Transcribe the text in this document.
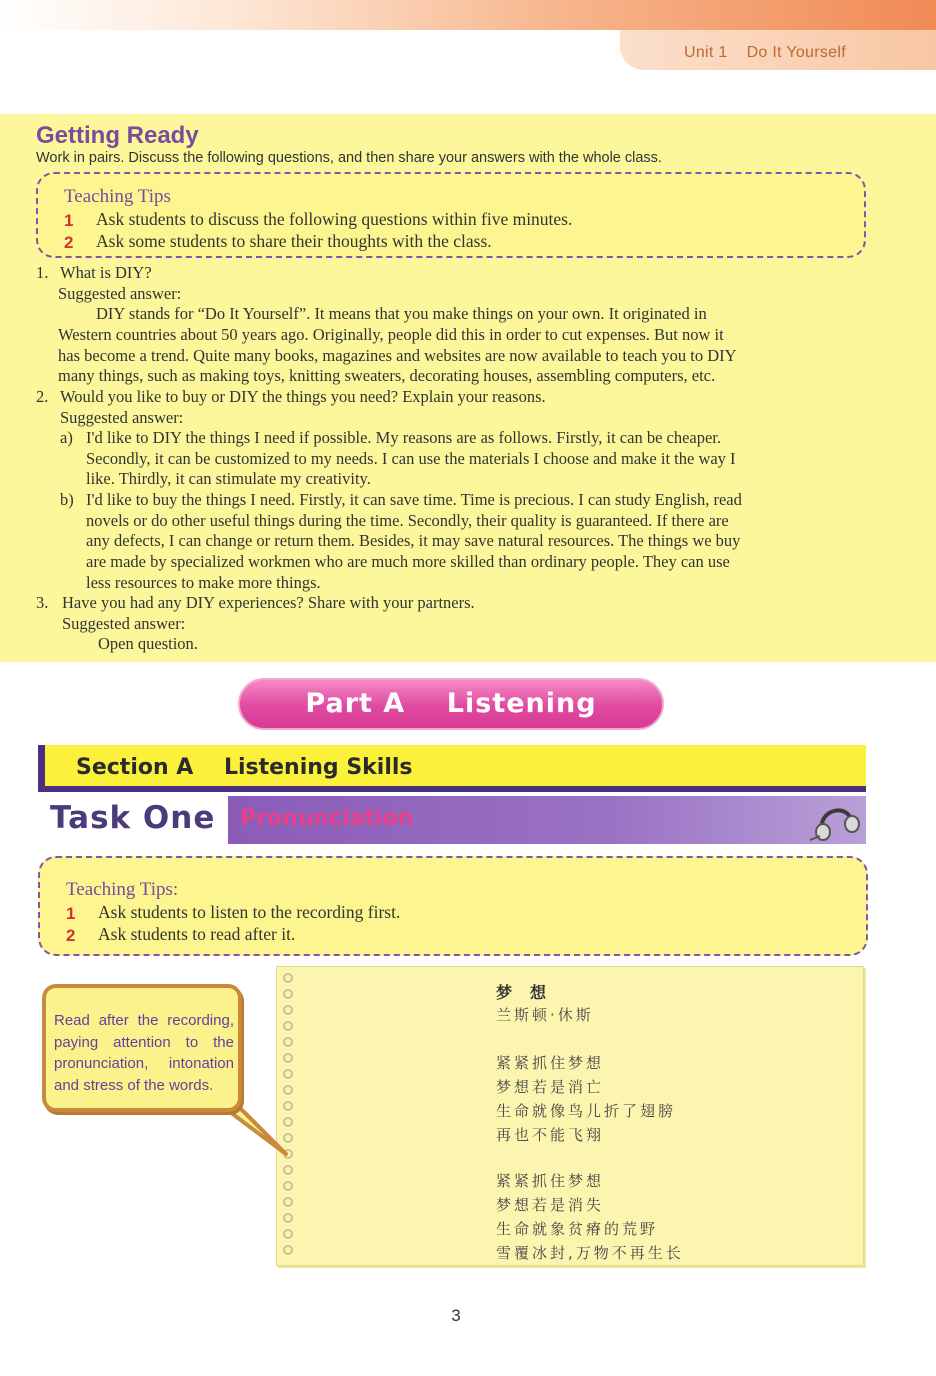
Unit 1    Do It Yourself
Getting Ready
Work in pairs. Discuss the following questions, and then share your answers with the whole class.
Teaching Tips
1 Ask students to discuss the following questions within five minutes.
2 Ask some students to share their thoughts with the class.
1. What is DIY?
Suggested answer:
DIY stands for “Do It Yourself”. It means that you make things on your own. It originated in
Western countries about 50 years ago. Originally, people did this in order to cut expenses. But now it
has become a trend. Quite many books, magazines and websites are now available to teach you to DIY
many things, such as making toys, knitting sweaters, decorating houses, assembling computers, etc.
2. Would you like to buy or DIY the things you need? Explain your reasons.
Suggested answer:
a) I'd like to DIY the things I need if possible. My reasons are as follows. Firstly, it can be cheaper.
Secondly, it can be customized to my needs. I can use the materials I choose and make it the way I
like. Thirdly, it can stimulate my creativity.
b) I'd like to buy the things I need. Firstly, it can save time. Time is precious. I can study English, read
novels or do other useful things during the time. Secondly, their quality is guaranteed. If there are
any defects, I can change or return them. Besides, it may save natural resources. The things we buy
are made by specialized workmen who are much more skilled than ordinary people. They can use
less resources to make more things.
3. Have you had any DIY experiences? Share with your partners.
Suggested answer:
Open question.
Part A    Listening
Section A    Listening Skills
Task One Pronunciation
Teaching Tips:
1 Ask students to listen to the recording first.
2 Ask students to read after it.
梦想
兰斯顿·休斯
紧紧抓住梦想
梦想若是消亡
生命就像鸟儿折了翅膀
再也不能飞翔
紧紧抓住梦想
梦想若是消失
生命就象贫瘠的荒野
雪覆冰封,万物不再生长
Read after the recording, paying attention to the pronunciation, intonation and stress of the words.
3
